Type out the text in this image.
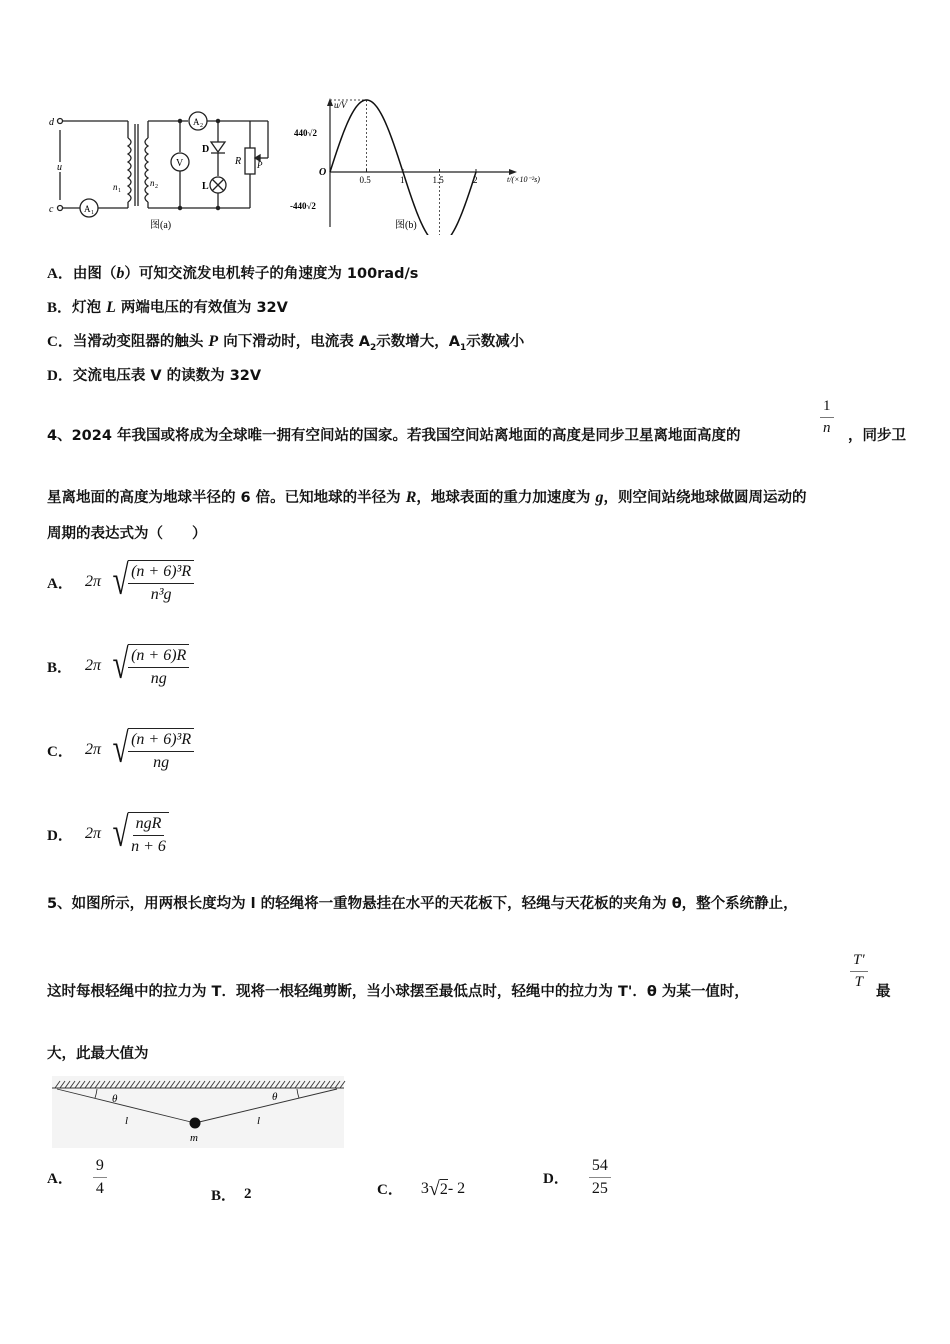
d
c
u
A 1
A 2
V
n 1
n 2
D
L
R P
图(a)
0.5	1	1.5	2
u/V
t/(×10⁻²s)
O
440√2
-440√2
图(b)
A．由图（b）可知交流发电机转子的角速度为 100rad/s
B．灯泡 L 两端电压的有效值为 32V
C．当滑动变阻器的触头 P 向下滑动时，电流表 $A_2$示数增大，$A_1$示数减小
D．交流电压表 V 的读数为 32V
4、2024 年我国或将成为全球唯一拥有空间站的国家。若我国空间站离地面的高度是同步卫星离地面高度的	$\frac{1}{n}$ ，同步卫
星离地面的高度为地球半径的 6 倍。已知地球的半径为 R，地球表面的重力加速度为 g，则空间站绕地球做圆周运动的
周期的表达式为（　　）
A． 2π √ $\frac{\text{(n + 6)³R}}{\text{n³g}}$
B． 2π √ $\frac{(n + 6)R}{ng}$
C． 2π √ $\frac{\text{(n + 6)³R}}{ng}$
D． 2π √ $\frac{\text{ngR}}{n + 6}$
5、如图所示，用两根长度均为 l 的轻绳将一重物悬挂在水平的天花板下，轻绳与天花板的夹角为 θ，整个系统静止，
这时每根轻绳中的拉力为 T．现将一根轻绳剪断，当小球摆至最低点时，轻绳中的拉力为 T'．θ 为某一值时，
$\frac{T'}{T}$
最
大，此最大值为
θ	θ
l	l
m
A． $\frac{9}{4}$	B． 2	C． 3 √ 2 - 2
D． $\frac{54}{25}$
